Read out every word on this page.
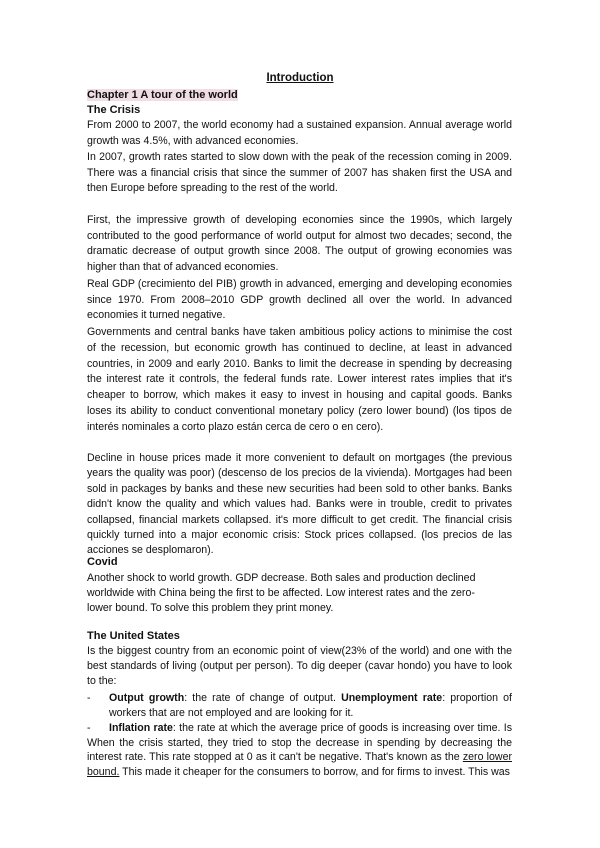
Introduction
Chapter 1 A tour of the world
The Crisis
From 2000 to 2007, the world economy had a sustained expansion. Annual average world growth was 4.5%, with advanced economies.
In 2007, growth rates started to slow down with the peak of the recession coming in 2009. There was a financial crisis that since the summer of 2007 has shaken first the USA and then Europe before spreading to the rest of the world.
First, the impressive growth of developing economies since the 1990s, which largely contributed to the good performance of world output for almost two decades; second, the dramatic decrease of output growth since 2008. The output of growing economies was higher than that of advanced economies.
Real GDP (crecimiento del PIB) growth in advanced, emerging and developing economies since 1970. From 2008–2010 GDP growth declined all over the world. In advanced economies it turned negative.
Governments and central banks have taken ambitious policy actions to minimise the cost of the recession, but economic growth has continued to decline, at least in advanced countries, in 2009 and early 2010. Banks to limit the decrease in spending by decreasing the interest rate it controls, the federal funds rate. Lower interest rates implies that it's cheaper to borrow, which makes it easy to invest in housing and capital goods. Banks loses its ability to conduct conventional monetary policy (zero lower bound) (los tipos de interés nominales a corto plazo están cerca de cero o en cero).
Decline in house prices made it more convenient to default on mortgages (the previous years the quality was poor) (descenso de los precios de la vivienda). Mortgages had been sold in packages by banks and these new securities had been sold to other banks. Banks didn't know the quality and which values had. Banks were in trouble, credit to privates collapsed, financial markets collapsed. it's more difficult to get credit. The financial crisis quickly turned into a major economic crisis: Stock prices collapsed. (los precios de las acciones se desplomaron).
Covid
Another shock to world growth. GDP decrease. Both sales and production declined worldwide with China being the first to be affected. Low interest rates and the zero-lower bound. To solve this problem they print money.
The United States
Is the biggest country from an economic point of view(23% of the world) and one with the best standards of living (output per person). To dig deeper (cavar hondo) you have to look to the:
- Output growth: the rate of change of output. Unemployment rate: proportion of workers that are not employed and are looking for it.
- Inflation rate: the rate at which the average price of goods is increasing over time. Is When the crisis started, they tried to stop the decrease in spending by decreasing the interest rate. This rate stopped at 0 as it can't be negative. That's known as the zero lower bound. This made it cheaper for the consumers to borrow, and for firms to invest. This was
